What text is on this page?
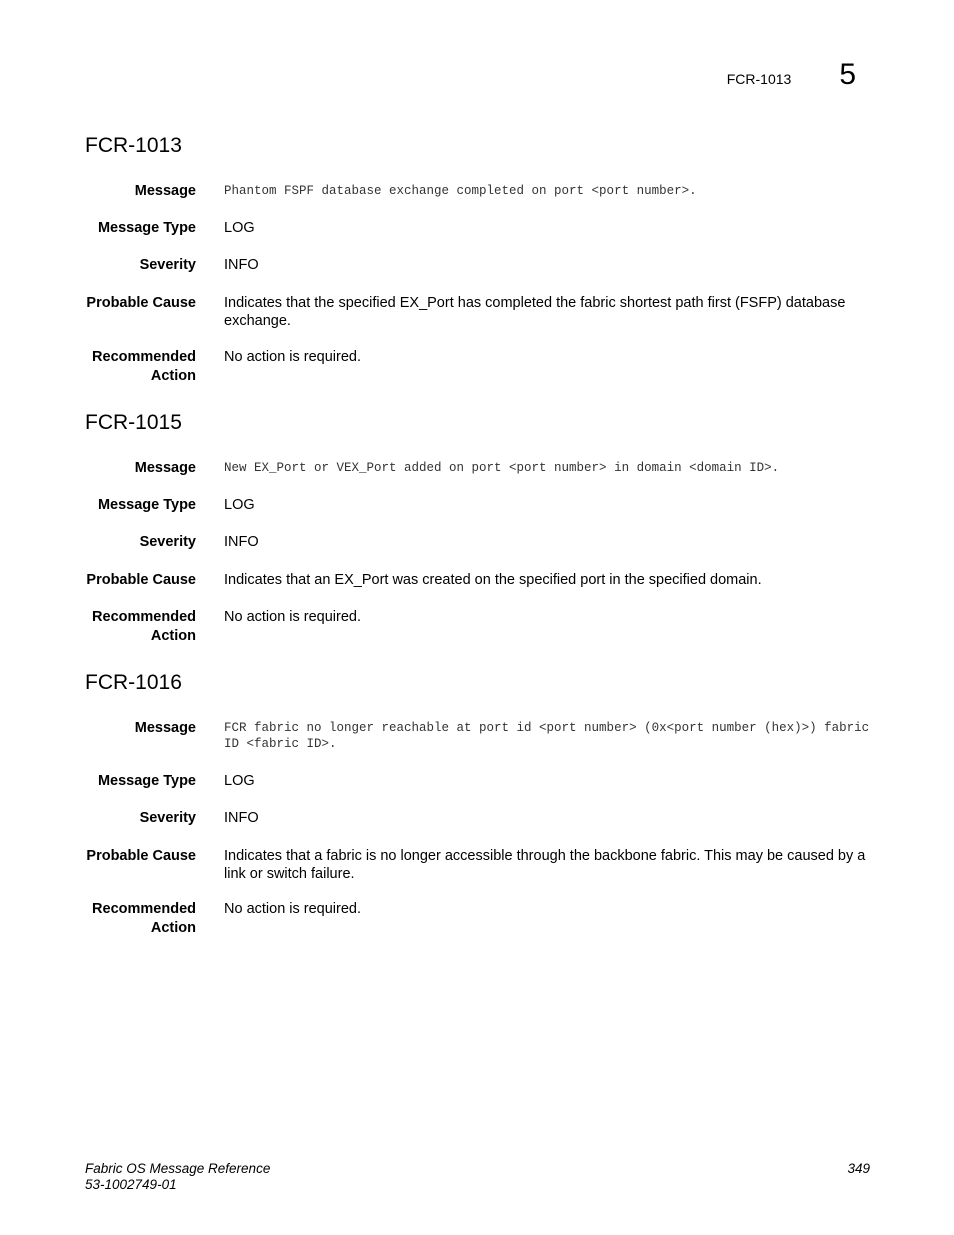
FCR-1013 5
FCR-1013
Message Phantom FSPF database exchange completed on port <port number>.
Message Type LOG
Severity INFO
Probable Cause Indicates that the specified EX_Port has completed the fabric shortest path first (FSFP) database exchange.
Recommended
Action
No action is required.
FCR-1015
Message New EX_Port or VEX_Port added on port <port number> in domain <domain ID>.
Message Type LOG
Severity INFO
Probable Cause Indicates that an EX_Port was created on the specified port in the specified domain.
Recommended
Action
No action is required.
FCR-1016
Message FCR fabric no longer reachable at port id <port number> (0x<port number (hex)>) fabric ID <fabric ID>.
Message Type LOG
Severity INFO
Probable Cause Indicates that a fabric is no longer accessible through the backbone fabric. This may be caused by a link or switch failure.
Recommended
Action
No action is required.
Fabric OS Message Reference
53-1002749-01
349
